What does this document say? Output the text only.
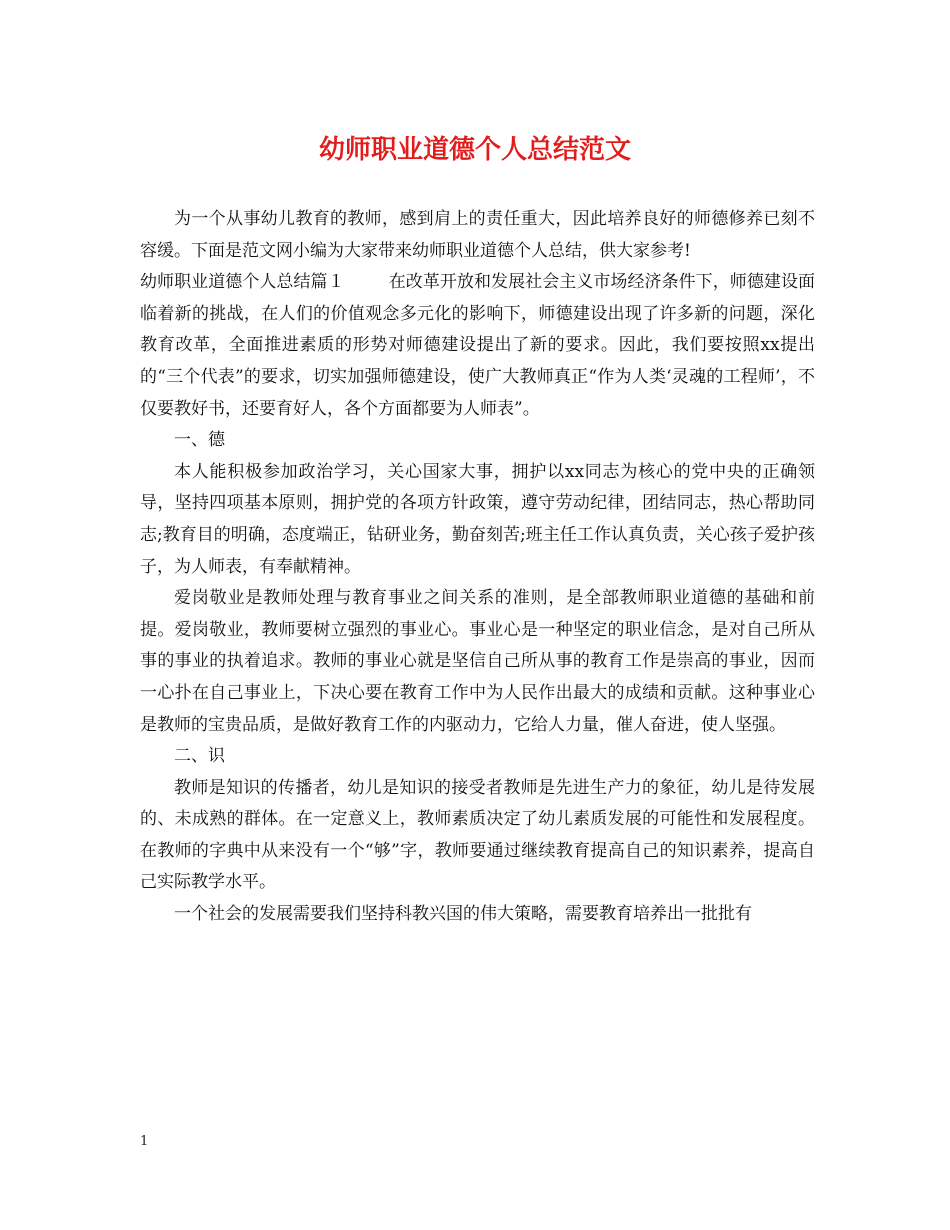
幼师职业道德个人总结范文

为一个从事幼儿教育的教师，感到肩上的责任重大，因此培养良好的师德修养已刻不容缓。下面是范文网小编为大家带来幼师职业道德个人总结，供大家参考!

幼师职业道德个人总结篇１	在改革开放和发展社会主义市场经济条件下，师德建设面临着新的挑战，在人们的价值观念多元化的影响下，师德建设出现了许多新的问题，深化教育改革，全面推进素质的形势对师德建设提出了新的要求。因此，我们要按照xx提出的“三个代表”的要求，切实加强师德建设，使广大教师真正“作为人类‘灵魂的工程师’，不仅要教好书，还要育好人，各个方面都要为人师表”。

一、德

本人能积极参加政治学习，关心国家大事，拥护以xx同志为核心的党中央的正确领导，坚持四项基本原则，拥护党的各项方针政策，遵守劳动纪律，团结同志，热心帮助同志;教育目的明确，态度端正，钻研业务，勤奋刻苦;班主任工作认真负责，关心孩子爱护孩子，为人师表，有奉献精神。

爱岗敬业是教师处理与教育事业之间关系的准则，是全部教师职业道德的基础和前提。爱岗敬业，教师要树立强烈的事业心。事业心是一种坚定的职业信念，是对自己所从事的事业的执着追求。教师的事业心就是坚信自己所从事的教育工作是崇高的事业，因而一心扑在自己事业上，下决心要在教育工作中为人民作出最大的成绩和贡献。这种事业心是教师的宝贵品质，是做好教育工作的内驱动力，它给人力量，催人奋进，使人坚强。

二、识

教师是知识的传播者，幼儿是知识的接受者教师是先进生产力的象征，幼儿是待发展的、未成熟的群体。在一定意义上，教师素质决定了幼儿素质发展的可能性和发展程度。在教师的字典中从来没有一个“够”字，教师要通过继续教育提高自己的知识素养，提高自己实际教学水平。

一个社会的发展需要我们坚持科教兴国的伟大策略，需要教育培养出一批批有

1
